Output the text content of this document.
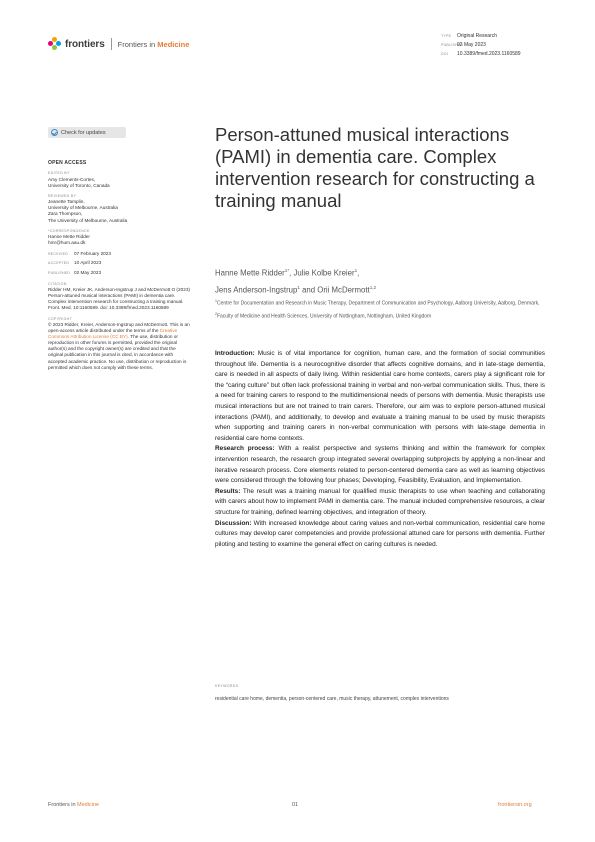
frontiers Frontiers in Medicine
TYPE	Original Research
PUBLISHED
02 May 2023
DOI	10.3389/fmed.2023.1160589
Check for updates
OPEN ACCESS
EDITED BY
Amy Clements-Cortes,
University of Toronto, Canada
REVIEWED BY
Jeanette Tamplin,
University of Melbourne, Australia
Zara Thompson,
The University of Melbourne, Australia
*CORRESPONDENCE
Hanne Mette Ridder
hmr@hum.aau.dk
RECEIVED	07 February 2023
ACCEPTED	10 April 2023
PUBLISHED 02 May 2023
CITATION
Ridder HM, Kreier JK, Anderson-Ingstrup J and McDermott O (2023) Person-attuned musical interactions (PAMI) in dementia care. Complex intervention research for constructing a training manual. Front. Med. 10:1160589. doi: 10.3389/fmed.2023.1160589
COPYRIGHT
© 2023 Ridder, Kreier, Anderson-Ingstrup and McDermott. This is an open-access article distributed under the terms of the Creative Commons Attribution License (CC BY). The use, distribution or reproduction in other forums is permitted, provided the original author(s) and the copyright owner(s) are credited and that the original publication in this journal is cited, in accordance with accepted academic practice. No use, distribution or reproduction is permitted which does not comply with these terms.
Person-attuned musical interactions (PAMI) in dementia care. Complex intervention research for constructing a training manual
Hanne Mette Ridder$^{1*}$, Julie Kolbe Kreier$^1$,
Jens Anderson-Ingstrup$^1$ and Orii McDermott$^{1,2}$
$^1$Centre for Documentation and Research in Music Therapy, Department of Communication and Psychology, Aalborg University, Aalborg, Denmark, $^2$Faculty of Medicine and Health Sciences, University of Nottingham, Nottingham, United Kingdom

Introduction: Music is of vital importance for cognition, human care, and the formation of social communities throughout life. Dementia is a neurocognitive disorder that affects cognitive domains, and in late-stage dementia, care is needed in all aspects of daily living. Within residential care home contexts, carers play a significant role for the “caring culture” but often lack professional training in verbal and non-verbal communication skills. Thus, there is a need for training carers to respond to the multidimensional needs of persons with dementia. Music therapists use musical interactions but are not trained to train carers. Therefore, our aim was to explore person-attuned musical interactions (PAMI), and additionally, to develop and evaluate a training manual to be used by music therapists when supporting and training carers in non-verbal communication with persons with late-stage dementia in residential care home contexts.

Research process: With a realist perspective and systems thinking and within the framework for complex intervention research, the research group integrated several overlapping subprojects by applying a non-linear and iterative research process. Core elements related to person-centered dementia care as well as learning objectives were considered through the following four phases; Developing, Feasibility, Evaluation, and Implementation.

Results: The result was a training manual for qualified music therapists to use when teaching and collaborating with carers about how to implement PAMI in dementia care. The manual included comprehensive resources, a clear structure for training, defined learning objectives, and integration of theory.

Discussion: With increased knowledge about caring values and non-verbal communication, residential care home cultures may develop carer competencies and provide professional attuned care for persons with dementia. Further piloting and testing to examine the general effect on caring cultures is needed.

KEYWORDS
residential care home, dementia, person-centered care, music therapy, attunement, complex interventions
Frontiers in Medicine	01	frontiersin.org
